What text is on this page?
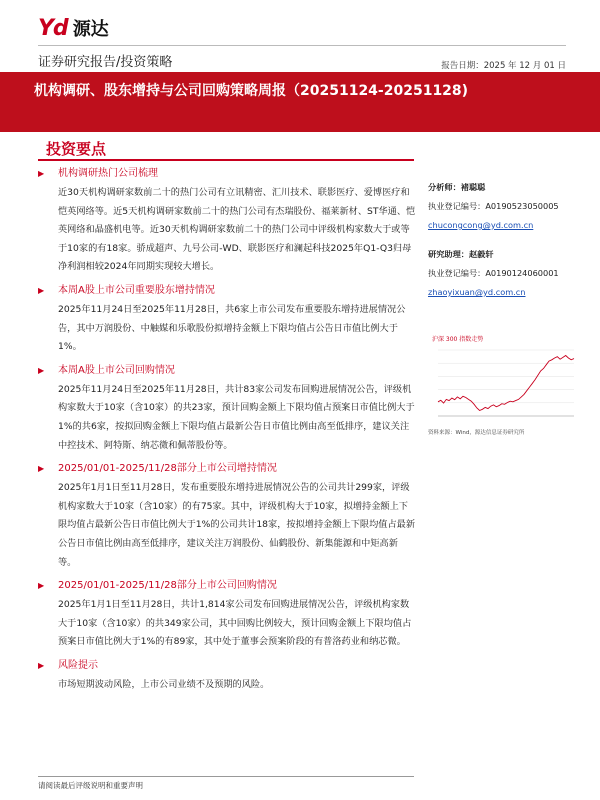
Yd 源达
证券研究报告/投资策略	报告日期：2025 年 12 月 01 日
机构调研、股东增持与公司回购策略周报（20251124-20251128)
投资要点
▶ 机构调研热门公司梳理
近30天机构调研家数前二十的热门公司有立讯精密、汇川技术、联影医疗、爱博医疗和恺英网络等。近5天机构调研家数前二十的热门公司有杰瑞股份、福莱新材、ST华通、恺英网络和晶盛机电等。近30天机构调研家数前二十的热门公司中评级机构家数大于或等于10家的有18家。骄成超声、九号公司-WD、联影医疗和澜起科技2025年Q1-Q3归母净利润相较2024年同期实现较大增长。
▶ 本周A股上市公司重要股东增持情况
2025年11月24日至2025年11月28日，共6家上市公司发布重要股东增持进展情况公告，其中万润股份、中触媒和乐歌股份拟增持金额上下限均值占公告日市值比例大于1%。
▶ 本周A股上市公司回购情况
2025年11月24日至2025年11月28日，共计83家公司发布回购进展情况公告，评级机构家数大于10家（含10家）的共23家，预计回购金额上下限均值占预案日市值比例大于1%的共6家，按拟回购金额上下限均值占最新公告日市值比例由高至低排序，建议关注中控技术、阿特斯、纳芯微和佩蒂股份等。
▶ 2025/01/01-2025/11/28部分上市公司增持情况
2025年1月1日至11月28日，发布重要股东增持进展情况公告的公司共计299家，评级机构家数大于10家（含10家）的有75家。其中，评级机构大于10家，拟增持金额上下限均值占最新公告日市值比例大于1%的公司共计18家，按拟增持金额上下限均值占最新公告日市值比例由高至低排序，建议关注万润股份、仙鹤股份、新集能源和中矩高新等。
▶ 2025/01/01-2025/11/28部分上市公司回购情况
2025年1月1日至11月28日，共计1,814家公司发布回购进展情况公告，评级机构家数大于10家（含10家）的共349家公司，其中回购比例较大，预计回购金额上下限均值占预案日市值比例大于1%的有89家，其中处于董事会预案阶段的有普洛药业和纳芯微。
▶ 风险提示
市场短期波动风险，上市公司业绩不及预期的风险。
分析师：褚聪聪
执业登记编号：A0190523050005
chucongcong@yd.com.cn
研究助理：赵毅轩
执业登记编号：A0190124060001
zhaoyixuan@yd.com.cn
沪深 300 指数走势
资料来源：Wind，源达信息证券研究所
请阅读最后评级说明和重要声明
